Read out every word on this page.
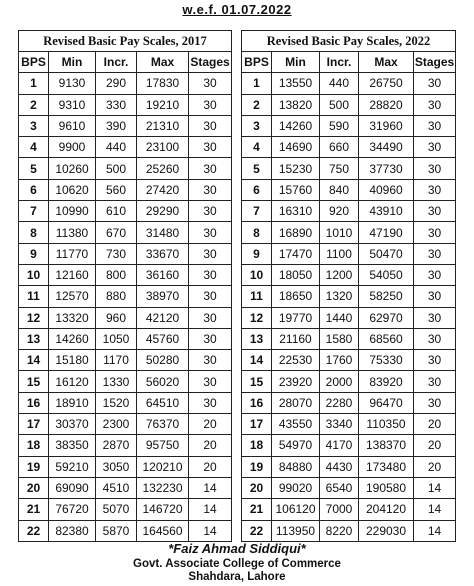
w.e.f. 01.07.2022
Revised Basic Pay Scales, 2017				
BPS	Min	Incr.	Max	Stages
1	9130	290	17830	30
2	9310	330	19210	30
3	9610	390	21310	30
4	9900	440	23100	30
5	10260	500	25260	30
6	10620	560	27420	30
7	10990	610	29290	30
8	11380	670	31480	30
9	11770	730	33670	30
10	12160	800	36160	30
11	12570	880	38970	30
12	13320	960	42120	30
13	14260	1050	45760	30
14	15180	1170	50280	30
15	16120	1330	56020	30
16	18910	1520	64510	30
17	30370	2300	76370	20
18	38350	2870	95750	20
19	59210	3050	120210	20
20	69090	4510	132230	14
21	76720	5070	146720	14
22	82380	5870	164560	14
Revised Basic Pay Scales, 2022				
BPS	Min	Incr.	Max	Stages
1	13550	440	26750	30
2	13820	500	28820	30
3	14260	590	31960	30
4	14690	660	34490	30
5	15230	750	37730	30
6	15760	840	40960	30
7	16310	920	43910	30
8	16890	1010	47190	30
9	17470	1100	50470	30
10	18050	1200	54050	30
11	18650	1320	58250	30
12	19770	1440	62970	30
13	21160	1580	68560	30
14	22530	1760	75330	30
15	23920	2000	83920	30
16	28070	2280	96470	30
17	43550	3340	110350	20
18	54970	4170	138370	20
19	84880	4430	173480	20
20	99020	6540	190580	14
21	106120	7000	204120	14
22	113950	8220	229030	14
*Faiz Ahmad Siddiqui*
Govt. Associate College of Commerce
Shahdara, Lahore
